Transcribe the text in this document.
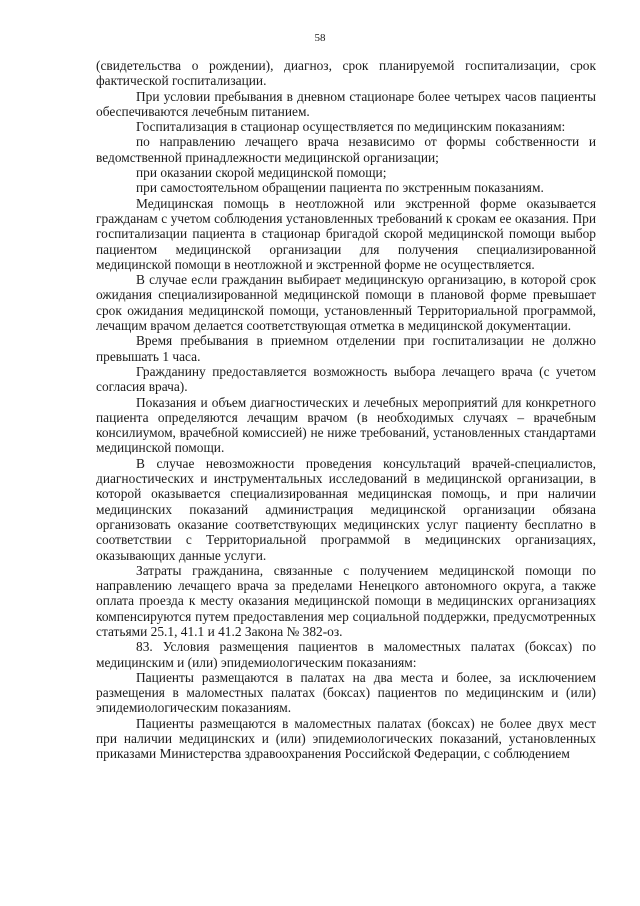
58

(свидетельства о рождении), диагноз, срок планируемой госпитализации, срок фактической госпитализации.

При условии пребывания в дневном стационаре более четырех часов пациенты обеспечиваются лечебным питанием.

Госпитализация в стационар осуществляется по медицинским показаниям:

по направлению лечащего врача независимо от формы собственности и ведомственной принадлежности медицинской организации;

при оказании скорой медицинской помощи;

при самостоятельном обращении пациента по экстренным показаниям.

Медицинская помощь в неотложной или экстренной форме оказывается гражданам с учетом соблюдения установленных требований к срокам ее оказания. При госпитализации пациента в стационар бригадой скорой медицинской помощи выбор пациентом медицинской организации для получения специализированной медицинской помощи в неотложной и экстренной форме не осуществляется.

В случае если гражданин выбирает медицинскую организацию, в которой срок ожидания специализированной медицинской помощи в плановой форме превышает срок ожидания медицинской помощи, установленный Территориальной программой, лечащим врачом делается соответствующая отметка в медицинской документации.

Время пребывания в приемном отделении при госпитализации не должно превышать 1 часа.

Гражданину предоставляется возможность выбора лечащего врача (с учетом согласия врача).

Показания и объем диагностических и лечебных мероприятий для конкретного пациента определяются лечащим врачом (в необходимых случаях – врачебным консилиумом, врачебной комиссией) не ниже требований, установленных стандартами медицинской помощи.

В случае невозможности проведения консультаций врачей-специалистов, диагностических и инструментальных исследований в медицинской организации, в которой оказывается специализированная медицинская помощь, и при наличии медицинских показаний администрация медицинской организации обязана организовать оказание соответствующих медицинских услуг пациенту бесплатно в соответствии с Территориальной программой в медицинских организациях, оказывающих данные услуги.

Затраты гражданина, связанные с получением медицинской помощи по направлению лечащего врача за пределами Ненецкого автономного округа, а также оплата проезда к месту оказания медицинской помощи в медицинских организациях компенсируются путем предоставления мер социальной поддержки, предусмотренных статьями 25.1, 41.1 и 41.2 Закона № 382-оз.

83. Условия размещения пациентов в маломестных палатах (боксах) по медицинским и (или) эпидемиологическим показаниям:

Пациенты размещаются в палатах на два места и более, за исключением размещения в маломестных палатах (боксах) пациентов по медицинским и (или) эпидемиологическим показаниям.

Пациенты размещаются в маломестных палатах (боксах) не более двух мест при наличии медицинских и (или) эпидемиологических показаний, установленных приказами Министерства здравоохранения Российской Федерации, с соблюдением
